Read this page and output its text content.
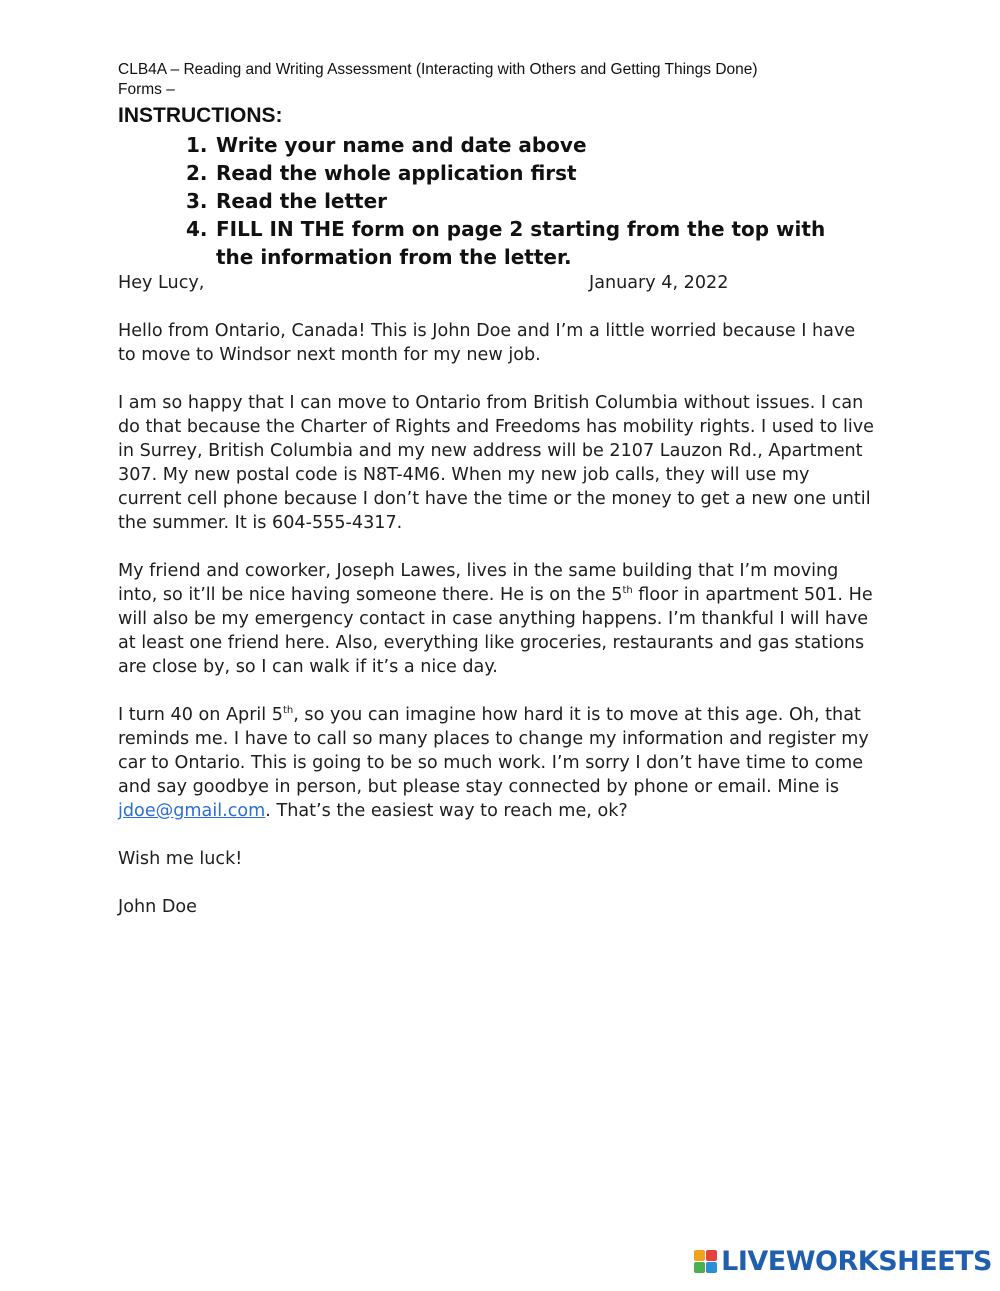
CLB4A – Reading and Writing Assessment (Interacting with Others and Getting Things Done)
Forms –
INSTRUCTIONS:
1. Write your name and date above
2. Read the whole application first
3. Read the letter
4. FILL IN THE form on page 2 starting from the top with the information from the letter.
Hey Lucy,	January 4, 2022

Hello from Ontario, Canada! This is John Doe and I’m a little worried because I have to move to Windsor next month for my new job.

I am so happy that I can move to Ontario from British Columbia without issues. I can do that because the Charter of Rights and Freedoms has mobility rights. I used to live in Surrey, British Columbia and my new address will be 2107 Lauzon Rd., Apartment 307. My new postal code is N8T-4M6. When my new job calls, they will use my current cell phone because I don’t have the time or the money to get a new one until the summer. It is 604-555-4317.

My friend and coworker, Joseph Lawes, lives in the same building that I’m moving into, so it’ll be nice having someone there. He is on the 5th floor in apartment 501. He will also be my emergency contact in case anything happens. I’m thankful I will have at least one friend here. Also, everything like groceries, restaurants and gas stations are close by, so I can walk if it’s a nice day.

I turn 40 on April 5th, so you can imagine how hard it is to move at this age. Oh, that reminds me. I have to call so many places to change my information and register my car to Ontario. This is going to be so much work. I’m sorry I don’t have time to come and say goodbye in person, but please stay connected by phone or email. Mine is jdoe@gmail.com. That’s the easiest way to reach me, ok?

Wish me luck!

John Doe

LIVEWORKSHEETS
